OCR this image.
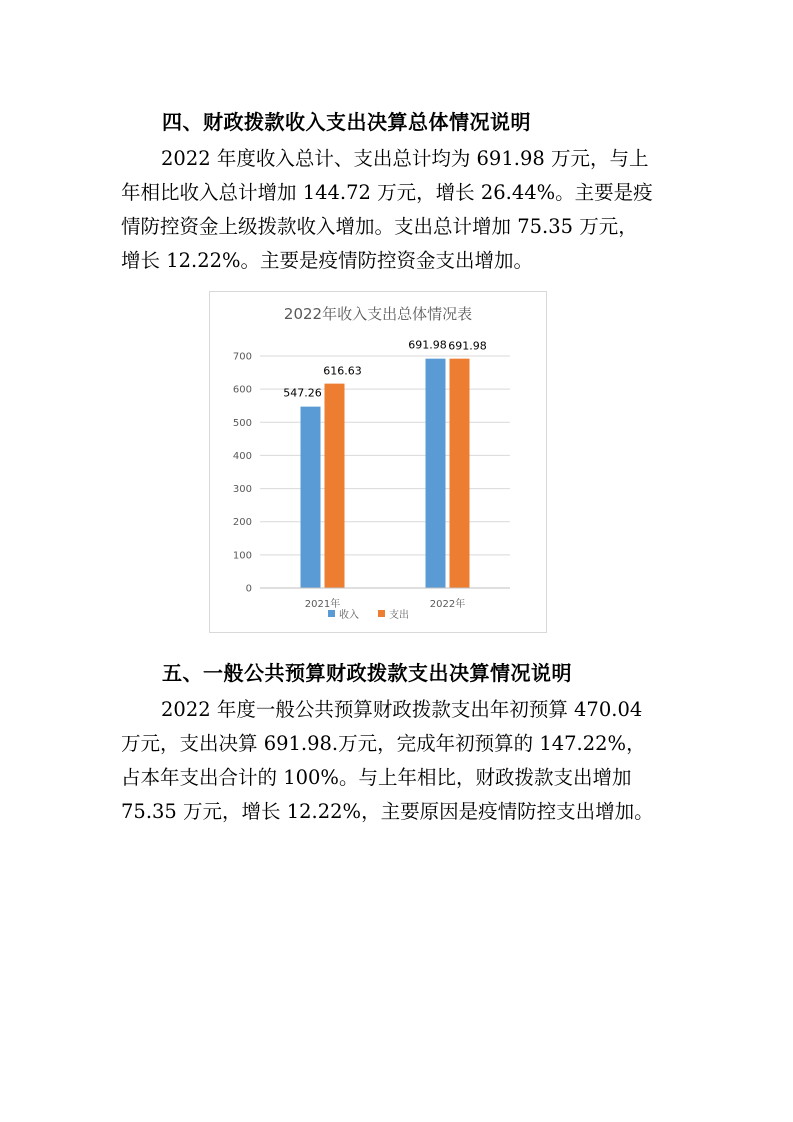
四、财政拨款收入支出决算总体情况说明
2022 年度收入总计、支出总计均为 691.98 万元，与上
年相比收入总计增加 144.72 万元，增长 26.44%。主要是疫
情防控资金上级拨款收入增加。支出总计增加 75.35 万元，
增长 12.22%。主要是疫情防控资金支出增加。
2022年收入支出总体情况表
547.26
616.63
691.98 691.98
0
100
200
300
400
500
600
700
2021年	2022年
收入	支出
五、一般公共预算财政拨款支出决算情况说明
2022 年度一般公共预算财政拨款支出年初预算 470.04
万元，支出决算 691.98.万元，完成年初预算的 147.22%，
占本年支出合计的 100%。与上年相比，财政拨款支出增加
75.35 万元，增长 12.22%，主要原因是疫情防控支出增加。
